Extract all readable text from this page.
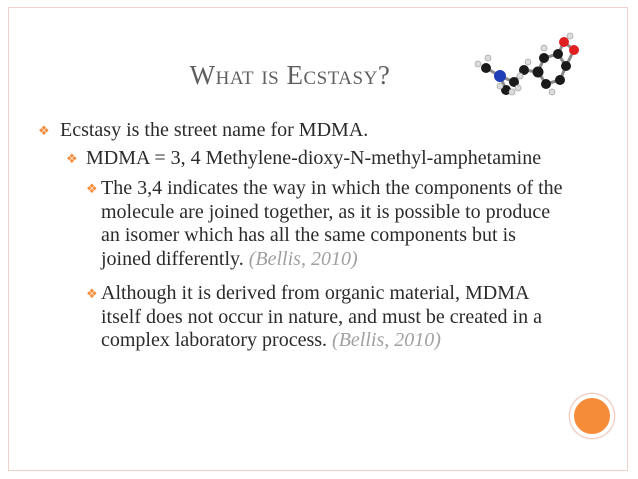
What is Ecstasy?
❖ Ecstasy is the street name for MDMA.
❖ MDMA = 3, 4 Methylene-dioxy-N-methyl-amphetamine
❖ The 3,4 indicates the way in which the components of the
molecule are joined together, as it is possible to produce
an isomer which has all the same components but is
joined differently. (Bellis, 2010)
❖ Although it is derived from organic material, MDMA
itself does not occur in nature, and must be created in a
complex laboratory process. (Bellis, 2010)
